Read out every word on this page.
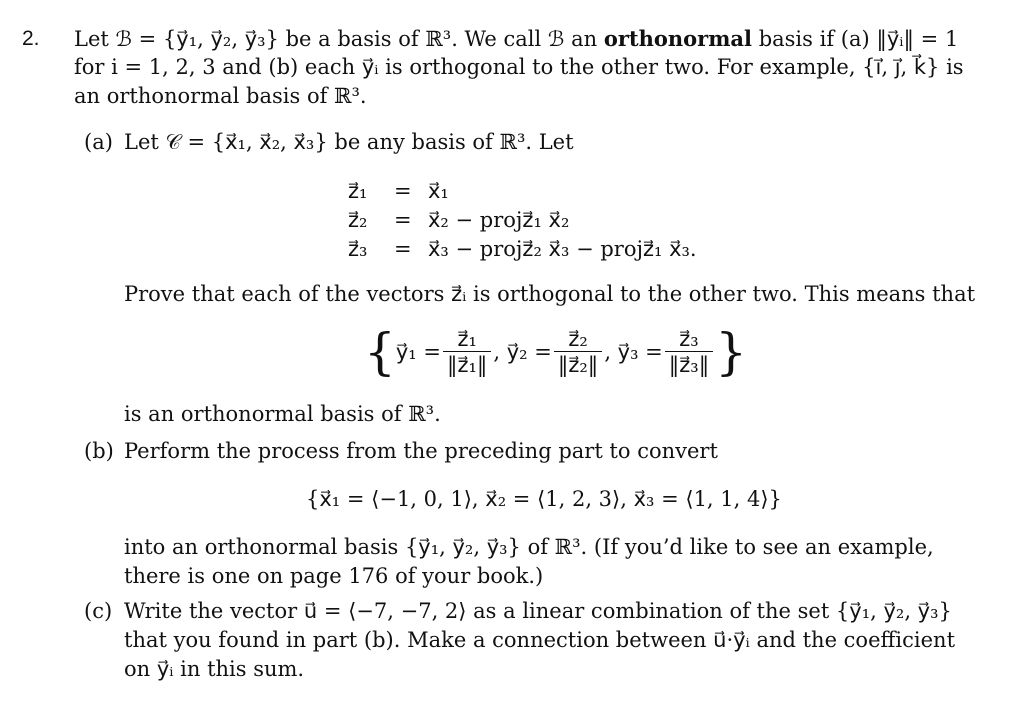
2. Let ℬ = {y⃗₁, y⃗₂, y⃗₃} be a basis of ℝ³. We call ℬ an orthonormal basis if (a) ‖y⃗ᵢ‖ = 1
for i = 1, 2, 3 and (b) each y⃗ᵢ is orthogonal to the other two. For example, {i⃗, j⃗, k⃗} is
an orthonormal basis of ℝ³.
(a) Let 𝒞 = {x⃗₁, x⃗₂, x⃗₃} be any basis of ℝ³. Let
z⃗₁
z⃗₂
z⃗₃
=
=
=
x⃗₁
x⃗₂ − projz⃗₁ x⃗₂
x⃗₃ − projz⃗₂ x⃗₃ − projz⃗₁ x⃗₃.
Prove that each of the vectors z⃗ᵢ is orthogonal to the other two. This means that
{ y⃗₁ = $\frac{\text{z⃗₁}}{\text{‖z⃗₁‖}}$ , y⃗₂ = $\frac{\text{z⃗₂}}{\text{‖z⃗₂‖}}$ , y⃗₃ = $\frac{\text{z⃗₃}}{\text{‖z⃗₃‖}}$ }
is an orthonormal basis of ℝ³.
(b) Perform the process from the preceding part to convert
{x⃗₁ = ⟨−1, 0, 1⟩, x⃗₂ = ⟨1, 2, 3⟩, x⃗₃ = ⟨1, 1, 4⟩}
into an orthonormal basis {y⃗₁, y⃗₂, y⃗₃} of ℝ³. (If you’d like to see an example,
there is one on page 176 of your book.)
(c) Write the vector u⃗ = ⟨−7, −7, 2⟩ as a linear combination of the set {y⃗₁, y⃗₂, y⃗₃}
that you found in part (b). Make a connection between u⃗·y⃗ᵢ and the coefficient
on y⃗ᵢ in this sum.
